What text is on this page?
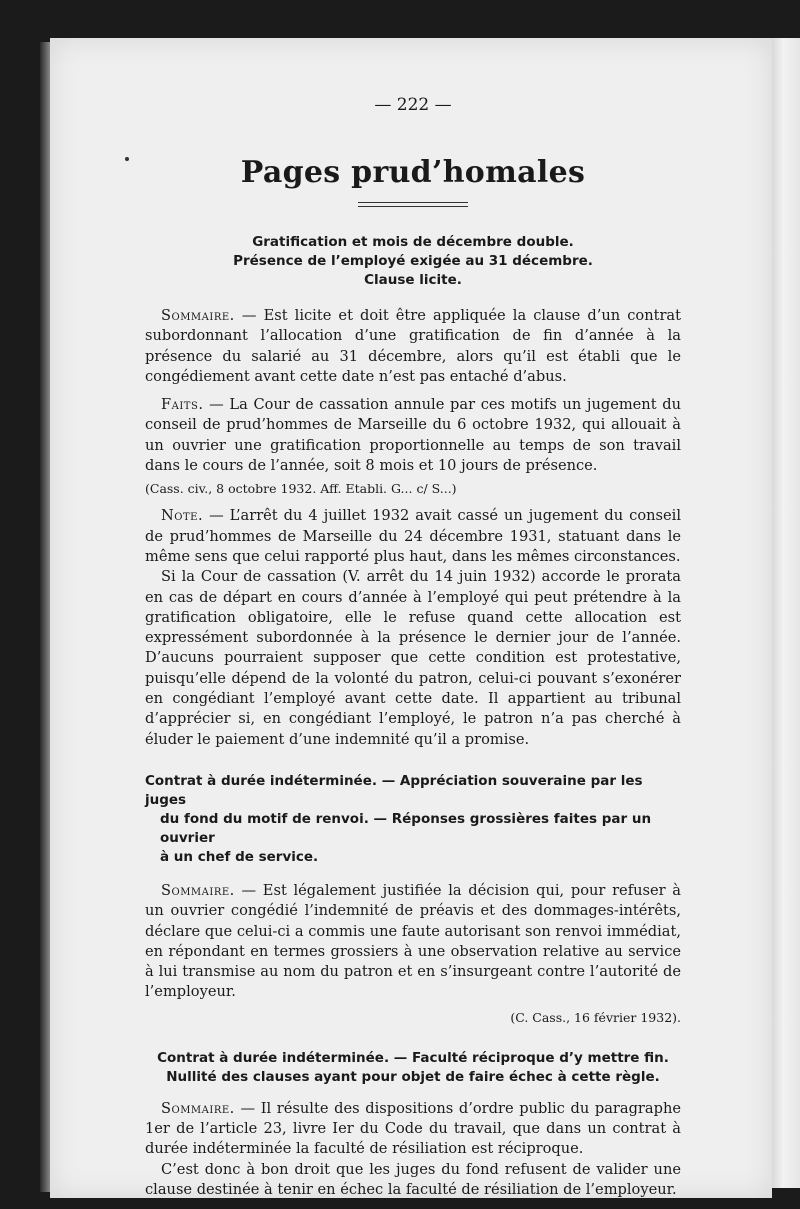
— 222 —

Pages prud’homales

Gratification et mois de décembre double.

Présence de l’employé exigée au 31 décembre.

Clause licite.

Sommaire. — Est licite et doit être appliquée la clause d’un contrat subordonnant l’allocation d’une gratification de fin d’année à la présence du salarié au 31 décembre, alors qu’il est établi que le congédiement avant cette date n’est pas entaché d’abus.

Faits. — La Cour de cassation annule par ces motifs un jugement du conseil de prud’hommes de Marseille du 6 octobre 1932, qui allouait à un ouvrier une gratification proportionnelle au temps de son travail dans le cours de l’année, soit 8 mois et 10 jours de présence.

(Cass. civ., 8 octobre 1932. Aff. Etabli. G... c/ S...)

Note. — L’arrêt du 4 juillet 1932 avait cassé un jugement du conseil de prud’hommes de Marseille du 24 décembre 1931, statuant dans le même sens que celui rapporté plus haut, dans les mêmes circonstances.

Si la Cour de cassation (V. arrêt du 14 juin 1932) accorde le prorata en cas de départ en cours d’année à l’employé qui peut prétendre à la gratification obligatoire, elle le refuse quand cette allocation est expressément subordonnée à la présence le dernier jour de l’année. D’aucuns pourraient supposer que cette condition est protestative, puisqu’elle dépend de la volonté du patron, celui-ci pouvant s’exonérer en congédiant l’employé avant cette date. Il appartient au tribunal d’apprécier si, en congédiant l’employé, le patron n’a pas cherché à éluder le paiement d’une indemnité qu’il a promise.

Contrat à durée indéterminée. — Appréciation souveraine par les juges

du fond du motif de renvoi. — Réponses grossières faites par un ouvrier

à un chef de service.

Sommaire. — Est légalement justifiée la décision qui, pour refuser à un ouvrier congédié l’indemnité de préavis et des dommages-intérêts, déclare que celui-ci a commis une faute autorisant son renvoi immédiat, en répondant en termes grossiers à une observation relative au service à lui transmise au nom du patron et en s’insurgeant contre l’autorité de l’employeur.

(C. Cass., 16 février 1932).

Contrat à durée indéterminée. — Faculté réciproque d’y mettre fin.

Nullité des clauses ayant pour objet de faire échec à cette règle.

Sommaire. — Il résulte des dispositions d’ordre public du paragraphe 1er de l’article 23, livre Ier du Code du travail, que dans un contrat à durée indéterminée la faculté de résiliation est réciproque.

C’est donc à bon droit que les juges du fond refusent de valider une clause destinée à tenir en échec la faculté de résiliation de l’employeur.
